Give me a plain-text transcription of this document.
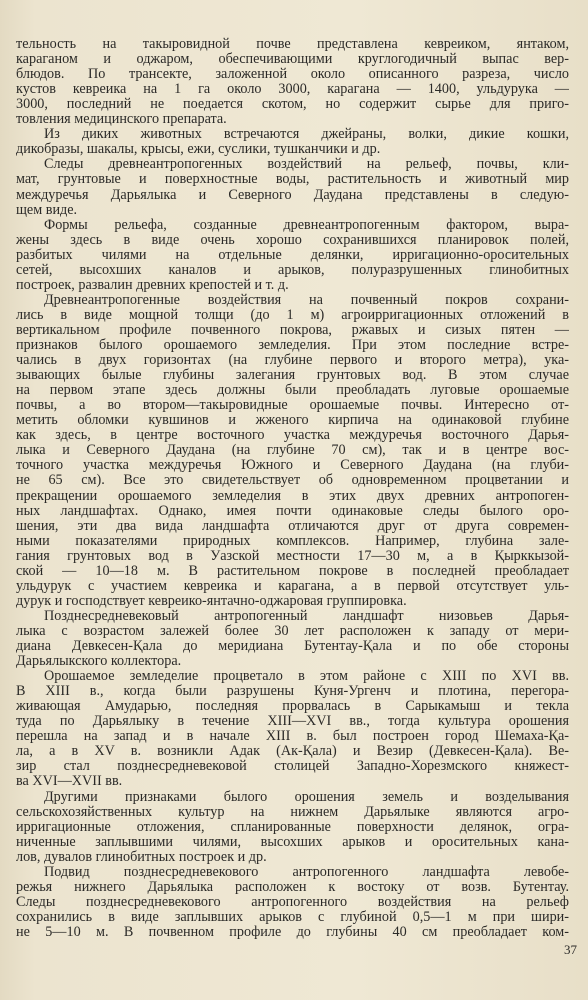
тельность на такыровидной почве представлена кевреиком, янтаком,
караганом и оджаром, обеспечивающими круглогодичный выпас вер-
блюдов. По трансекте, заложенной около описанного разреза, число
кустов кевреика на 1 га около 3000, карагана — 1400, ульдурука —
3000, последний не поедается скотом, но содержит сырье для приго-
товления медицинского препарата.
Из диких животных встречаются джейраны, волки, дикие кошки,
дикобразы, шакалы, крысы, ежи, суслики, тушканчики и др.
Следы древнеантропогенных воздействий на рельеф, почвы, кли-
мат, грунтовые и поверхностные воды, растительность и животный мир
междуречья Дарьялыка и Северного Даудана представлены в следую-
щем виде.
Формы рельефа, созданные древнеантропогенным фактором, выра-
жены здесь в виде очень хорошо сохранившихся планировок полей,
разбитых чилями на отдельные делянки, ирригационно-оросительных
сетей, высохших каналов и арыков, полуразрушенных глинобитных
построек, развалин древних крепостей и т. д.
Древнеантропогенные воздействия на почвенный покров сохрани-
лись в виде мощной толщи (до 1 м) агроирригационных отложений в
вертикальном профиле почвенного покрова, ржавых и сизых пятен —
признаков былого орошаемого земледелия. При этом последние встре-
чались в двух горизонтах (на глубине первого и второго метра), ука-
зывающих былые глубины залегания грунтовых вод. В этом случае
на первом этапе здесь должны были преобладать луговые орошаемые
почвы, а во втором—такыровидные орошаемые почвы. Интересно от-
метить обломки кувшинов и жженого кирпича на одинаковой глубине
как здесь, в центре восточного участка междуречья восточного Дарья-
лыка и Северного Даудана (на глубине 70 см), так и в центре вос-
точного участка междуречья Южного и Северного Даудана (на глуби-
не 65 см). Все это свидетельствует об одновременном процветании и
прекращении орошаемого земледелия в этих двух древних антропоген-
ных ландшафтах. Однако, имея почти одинаковые следы былого оро-
шения, эти два вида ландшафта отличаются друг от друга современ-
ными показателями природных комплексов. Например, глубина зале-
гания грунтовых вод в Уазской местности 17—30 м, а в Қырккызой-
ской — 10—18 м. В растительном покрове в последней преобладает
ульдурук с участием кевреика и карагана, а в первой отсутствует уль-
дурук и господствует кевреико-янтачно-оджаровая группировка.
Позднесредневековый антропогенный ландшафт низовьев Дарья-
лыка с возрастом залежей более 30 лет расположен к западу от мери-
диана Девкесен-Қала до меридиана Бутентау-Қала и по обе стороны
Дарьялыкского коллектора.
Орошаемое земледелие процветало в этом районе с XIII по XVI вв.
В XIII в., когда были разрушены Куня-Ургенч и плотина, перегора-
живающая Амударью, последняя прорвалась в Сарыкамыш и текла
туда по Дарьялыку в течение XIII—XVI вв., тогда культура орошения
перешла на запад и в начале XIII в. был построен город Шемаха-Қа-
ла, а в XV в. возникли Адак (Ак-Қала) и Везир (Девкесен-Қала). Ве-
зир стал позднесредневековой столицей Западно-Хорезмского княжест-
ва XVI—XVII вв.
Другими признаками былого орошения земель и возделывания
сельскохозяйственных культур на нижнем Дарьялыке являются агро-
ирригационные отложения, спланированные поверхности делянок, огра-
ниченные заплывшими чилями, высохших арыков и оросительных кана-
лов, дувалов глинобитных построек и др.
Подвид позднесредневекового антропогенного ландшафта левобе-
режья нижнего Дарьялыка расположен к востоку от возв. Бутентау.
Следы позднесредневекового антропогенного воздействия на рельеф
сохранились в виде заплывших арыков с глубиной 0,5—1 м при шири-
не 5—10 м. В почвенном профиле до глубины 40 см преобладает ком-
37
